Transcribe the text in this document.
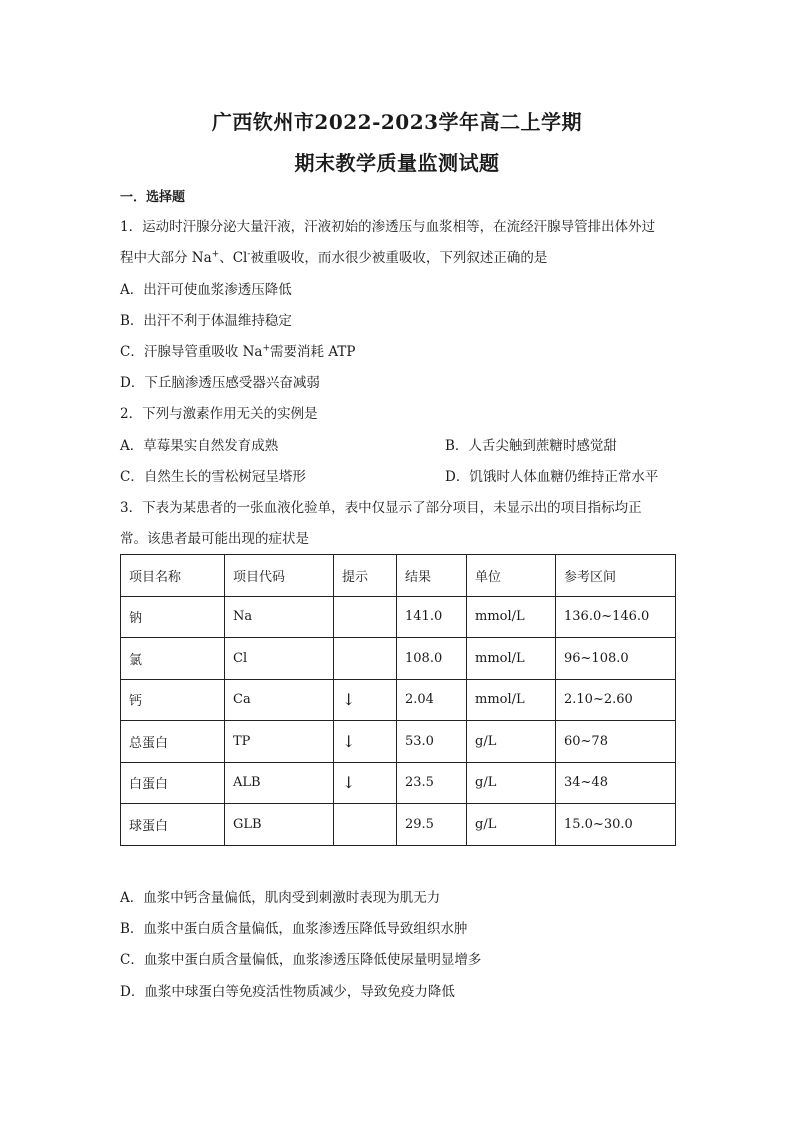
广西钦州市2022-2023学年高二上学期
期末教学质量监测试题
一．选择题
1．运动时汗腺分泌大量汗液，汗液初始的渗透压与血浆相等，在流经汗腺导管排出体外过
程中大部分 Na+、Cl-被重吸收，而水很少被重吸收，下列叙述正确的是
A．出汗可使血浆渗透压降低
B．出汗不利于体温维持稳定
C．汗腺导管重吸收 Na+需要消耗 ATP
D．下丘脑渗透压感受器兴奋减弱
2．下列与激素作用无关的实例是
A．草莓果实自然发育成熟	B．人舌尖触到蔗糖时感觉甜
C．自然生长的雪松树冠呈塔形	D．饥饿时人体血糖仍维持正常水平
3．下表为某患者的一张血液化验单，表中仅显示了部分项目，未显示出的项目指标均正
常。该患者最可能出现的症状是
项目名称	项目代码	提示	结果	单位	参考区间
钠	Na		141.0	mmol/L	136.0~146.0
氯	Cl		108.0	mmol/L	96~108.0
钙	Ca	↓	2.04	mmol/L	2.10~2.60
总蛋白	TP	↓	53.0	g/L	60~78
白蛋白	ALB	↓	23.5	g/L	34~48
球蛋白	GLB		29.5	g/L	15.0~30.0
A．血浆中钙含量偏低，肌肉受到刺激时表现为肌无力
B．血浆中蛋白质含量偏低，血浆渗透压降低导致组织水肿
C．血浆中蛋白质含量偏低，血浆渗透压降低使尿量明显增多
D．血浆中球蛋白等免疫活性物质减少，导致免疫力降低
